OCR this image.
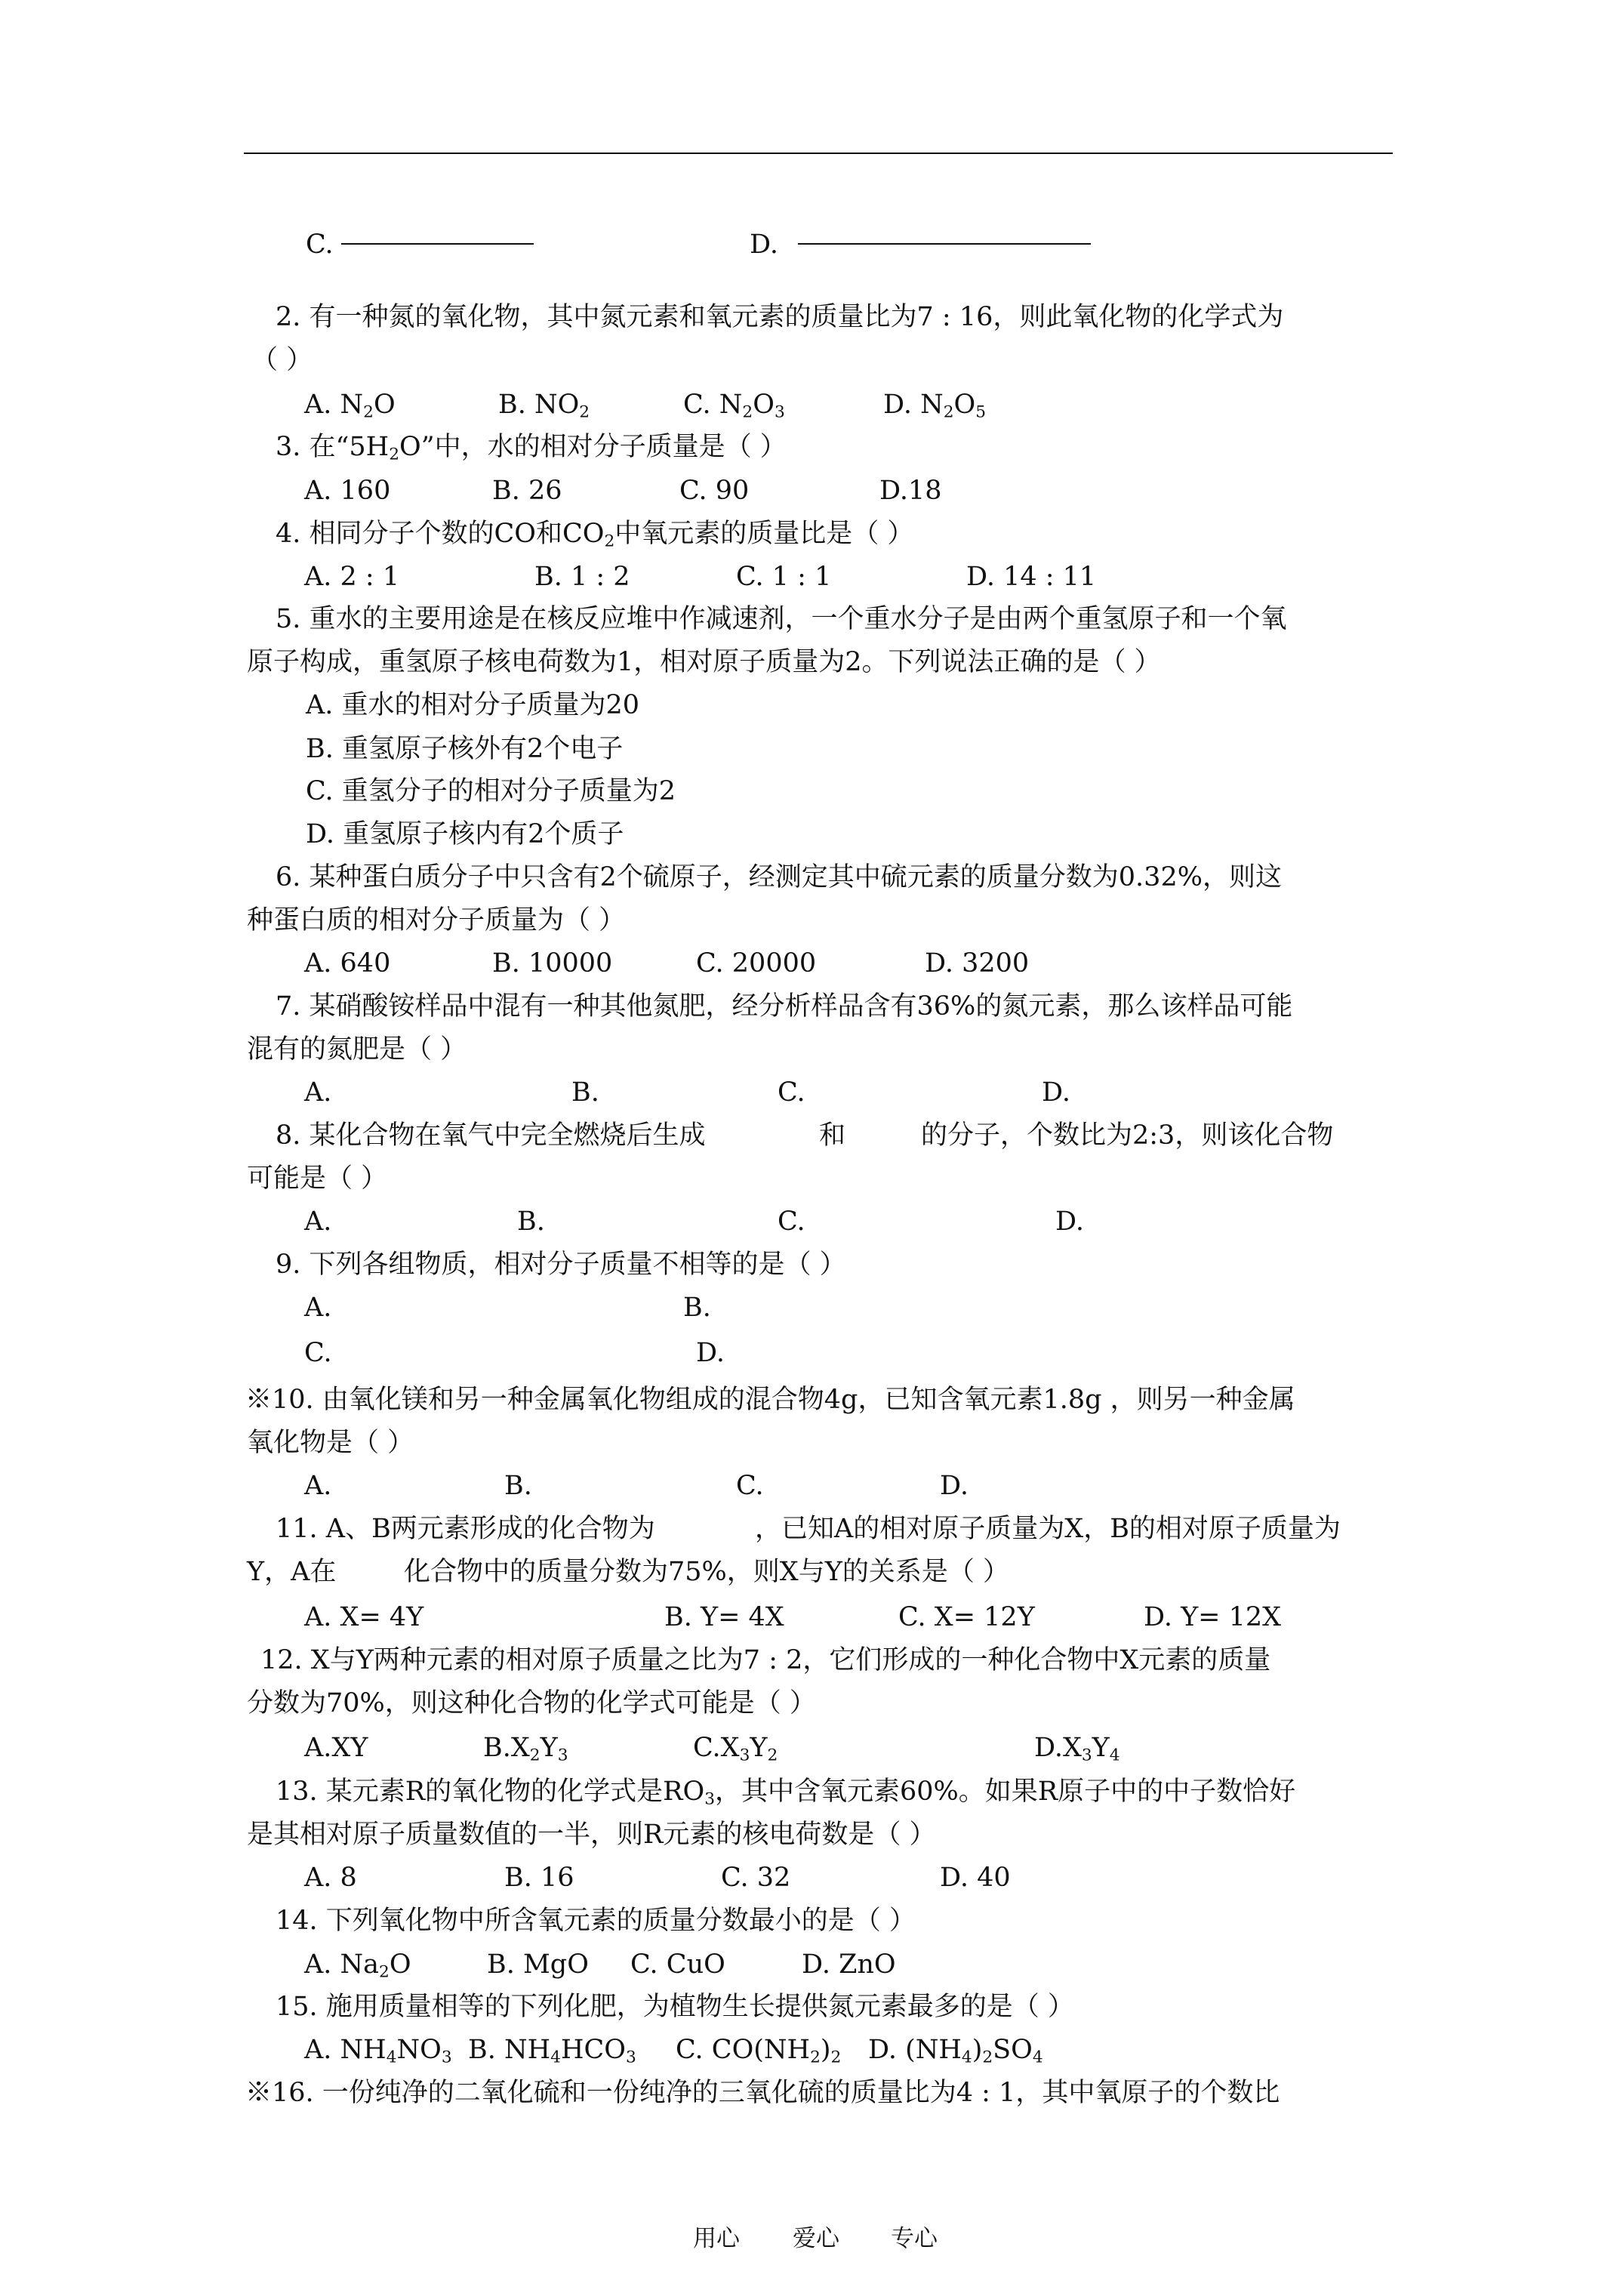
C.	D.
2. 有一种氮的氧化物，其中氮元素和氧元素的质量比为7 : 16，则此氧化物的化学式为
（ ）
A. $N_2O$	B. $NO_2$	C. $N_2O_3$	D. $N_2O_5$
3. 在“$5H_2O$”中，水的相对分子质量是（ ）
A. 160	B. 26	C. 90	D.18
4. 相同分子个数的CO和$CO_2$中氧元素的质量比是（ ）
A. 2 : 1	B. 1 : 2	C. 1 : 1	D. 14 : 11
5. 重水的主要用途是在核反应堆中作减速剂，一个重水分子是由两个重氢原子和一个氧
原子构成，重氢原子核电荷数为1，相对原子质量为2。下列说法正确的是（ ）
A. 重水的相对分子质量为20
B. 重氢原子核外有2个电子
C. 重氢分子的相对分子质量为2
D. 重氢原子核内有2个质子
6. 某种蛋白质分子中只含有2个硫原子，经测定其中硫元素的质量分数为0.32%，则这
种蛋白质的相对分子质量为（ ）
A. 640	B. 10000	C. 20000	D. 3200
7. 某硝酸铵样品中混有一种其他氮肥，经分析样品含有36%的氮元素，那么该样品可能
混有的氮肥是（ ）
A.	B.	C.	D.
8. 某化合物在氧气中完全燃烧后生成	和	的分子，个数比为2:3，则该化合物
可能是（ ）
A.	B.	C.	D.
9. 下列各组物质，相对分子质量不相等的是（ ）
A.	B.
C.	D.
※10. 由氧化镁和另一种金属氧化物组成的混合物4g，已知含氧元素1.8g ，则另一种金属
氧化物是（ ）
A.	B.	C.	D.
11. A、B两元素形成的化合物为	，已知A的相对原子质量为X，B的相对原子质量为
Y，A在	化合物中的质量分数为75%，则X与Y的关系是（ ）
A. X= 4Y	B. Y= 4X	C. X= 12Y	D. Y= 12X
12. X与Y两种元素的相对原子质量之比为7 : 2，它们形成的一种化合物中X元素的质量
分数为70%，则这种化合物的化学式可能是（ ）
A.XY	$B.X_2Y_3$	$C.X_3Y_2$	$D.X_3Y_4$
13. 某元素R的氧化物的化学式是$RO_3$，其中含氧元素60%。如果R原子中的中子数恰好
是其相对原子质量数值的一半，则R元素的核电荷数是（ ）
A. 8	B. 16	C. 32	D. 40
14. 下列氧化物中所含氧元素的质量分数最小的是（ ）
A. $Na_2O$	B. MgO C. CuO	D. ZnO
15. 施用质量相等的下列化肥，为植物生长提供氮元素最多的是（ ）
A. $NH_4NO_3$ B. $NH_4HCO_3$ C. $CO(NH_2)_2$ D. $(NH_4)_2SO_4$
※16. 一份纯净的二氧化硫和一份纯净的三氧化硫的质量比为4 : 1，其中氧原子的个数比
用心 爱心 专心
